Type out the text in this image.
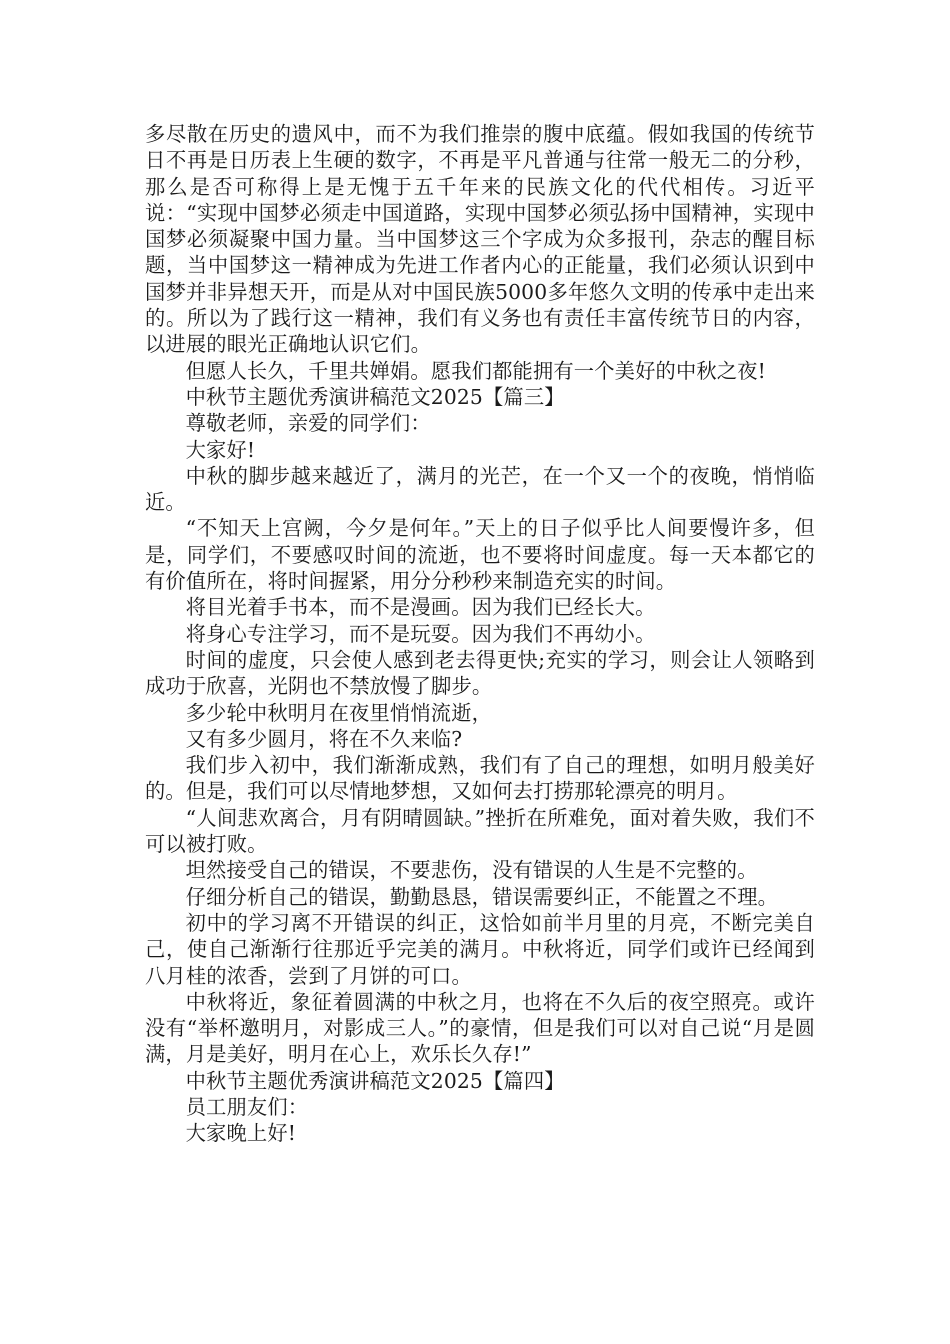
多尽散在历史的遗风中，而不为我们推崇的腹中底蕴。假如我国的传统节日不再是日历表上生硬的数字，不再是平凡普通与往常一般无二的分秒，那么是否可称得上是无愧于五千年来的民族文化的代代相传。习近平说：“实现中国梦必须走中国道路，实现中国梦必须弘扬中国精神，实现中国梦必须凝聚中国力量。当中国梦这三个字成为众多报刊，杂志的醒目标题，当中国梦这一精神成为先进工作者内心的正能量，我们必须认识到中国梦并非异想天开，而是从对中国民族5000多年悠久文明的传承中走出来的。所以为了践行这一精神，我们有义务也有责任丰富传统节日的内容，以进展的眼光正确地认识它们。

但愿人长久，千里共婵娟。愿我们都能拥有一个美好的中秋之夜!

中秋节主题优秀演讲稿范文2025【篇三】

尊敬老师，亲爱的同学们：

大家好!

中秋的脚步越来越近了，满月的光芒，在一个又一个的夜晚，悄悄临近。

“不知天上宫阙，今夕是何年。”天上的日子似乎比人间要慢许多，但是，同学们，不要感叹时间的流逝，也不要将时间虚度。每一天本都它的有价值所在，将时间握紧，用分分秒秒来制造充实的时间。

将目光着手书本，而不是漫画。因为我们已经长大。

将身心专注学习，而不是玩耍。因为我们不再幼小。

时间的虚度，只会使人感到老去得更快;充实的学习，则会让人领略到成功于欣喜，光阴也不禁放慢了脚步。

多少轮中秋明月在夜里悄悄流逝，

又有多少圆月，将在不久来临?

我们步入初中，我们渐渐成熟，我们有了自己的理想，如明月般美好的。但是，我们可以尽情地梦想，又如何去打捞那轮漂亮的明月。

“人间悲欢离合，月有阴晴圆缺。”挫折在所难免，面对着失败，我们不可以被打败。

坦然接受自己的错误，不要悲伤，没有错误的人生是不完整的。

仔细分析自己的错误，勤勤恳恳，错误需要纠正，不能置之不理。

初中的学习离不开错误的纠正，这恰如前半月里的月亮，不断完美自己，使自己渐渐行往那近乎完美的满月。中秋将近，同学们或许已经闻到八月桂的浓香，尝到了月饼的可口。

中秋将近，象征着圆满的中秋之月，也将在不久后的夜空照亮。或许没有“举杯邀明月，对影成三人。”的豪情，但是我们可以对自己说“月是圆满，月是美好，明月在心上，欢乐长久存!”

中秋节主题优秀演讲稿范文2025【篇四】

员工朋友们：

大家晚上好!
